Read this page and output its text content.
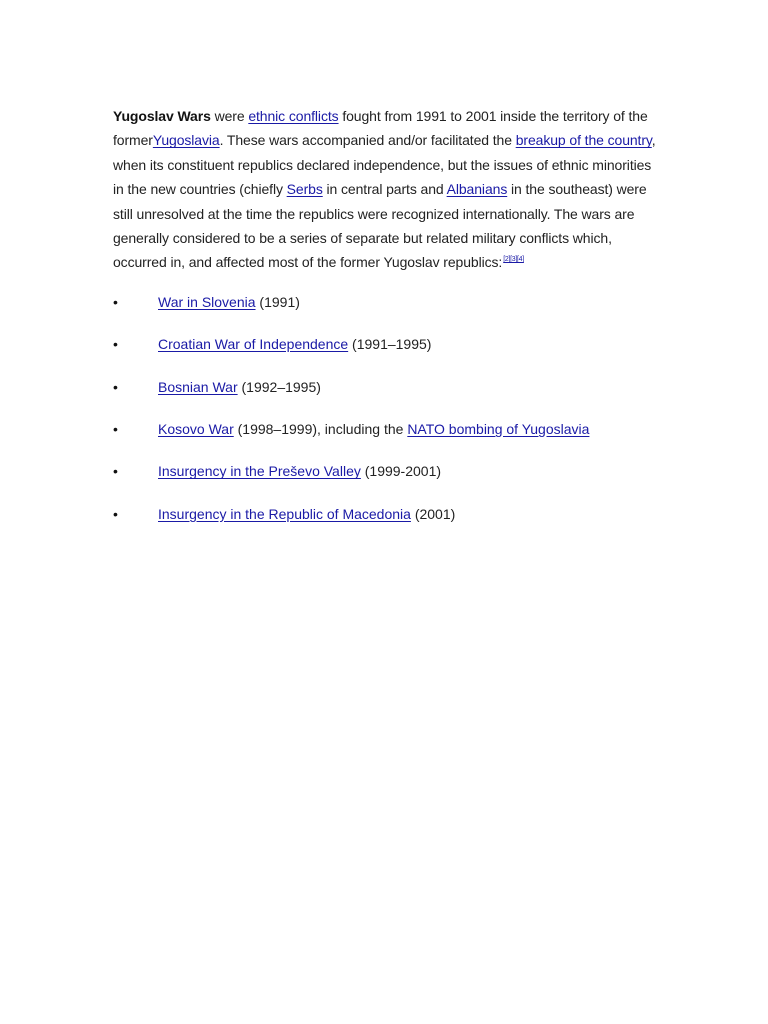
Yugoslav Wars were ethnic conflicts fought from 1991 to 2001 inside the territory of the formerYugoslavia. These wars accompanied and/or facilitated the breakup of the country, when its constituent republics declared independence, but the issues of ethnic minorities in the new countries (chiefly Serbs in central parts and Albanians in the southeast) were still unresolved at the time the republics were recognized internationally. The wars are generally considered to be a series of separate but related military conflicts which, occurred in, and affected most of the former Yugoslav republics:[2][3][4]

•	War in Slovenia (1991)
•	Croatian War of Independence (1991–1995)
•	Bosnian War (1992–1995)
•	Kosovo War (1998–1999), including the NATO bombing of Yugoslavia
•	Insurgency in the Preševo Valley (1999-2001)
•	Insurgency in the Republic of Macedonia (2001)
